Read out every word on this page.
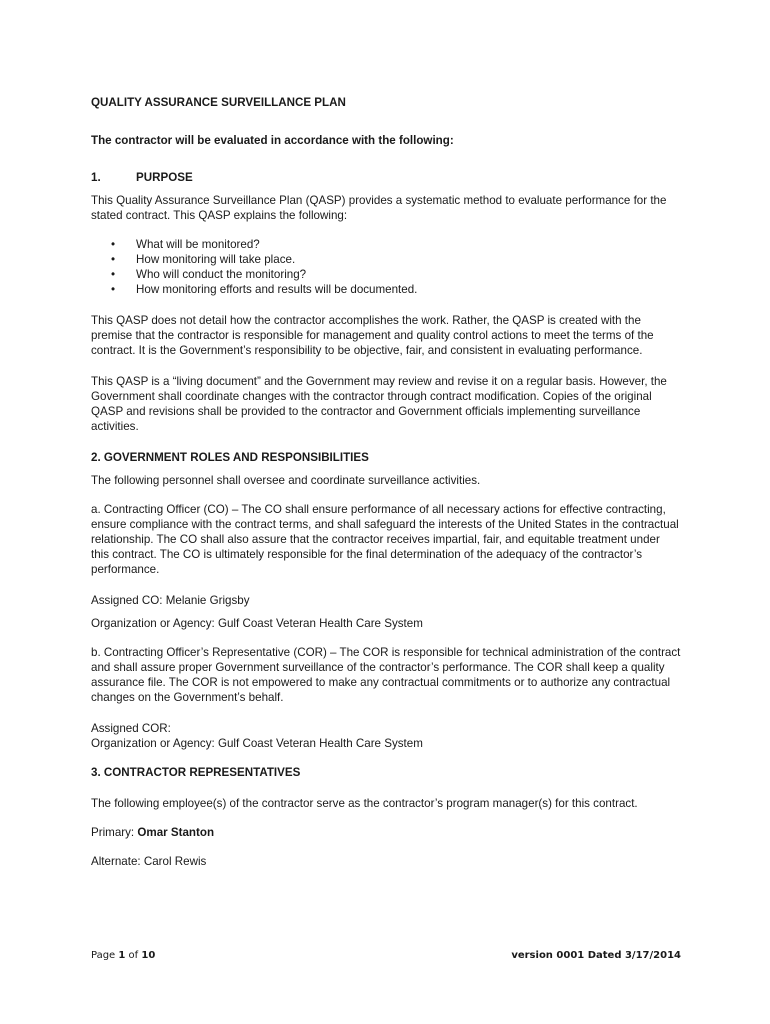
QUALITY ASSURANCE SURVEILLANCE PLAN

The contractor will be evaluated in accordance with the following:

1.	PURPOSE

This Quality Assurance Surveillance Plan (QASP) provides a systematic method to evaluate performance for the stated contract. This QASP explains the following:

•	What will be monitored?
•	How monitoring will take place.
•	Who will conduct the monitoring?
•	How monitoring efforts and results will be documented.

This QASP does not detail how the contractor accomplishes the work. Rather, the QASP is created with the premise that the contractor is responsible for management and quality control actions to meet the terms of the contract. It is the Government’s responsibility to be objective, fair, and consistent in evaluating performance.

This QASP is a “living document” and the Government may review and revise it on a regular basis. However, the Government shall coordinate changes with the contractor through contract modification. Copies of the original QASP and revisions shall be provided to the contractor and Government officials implementing surveillance activities.

2. GOVERNMENT ROLES AND RESPONSIBILITIES

The following personnel shall oversee and coordinate surveillance activities.

a. Contracting Officer (CO) – The CO shall ensure performance of all necessary actions for effective contracting, ensure compliance with the contract terms, and shall safeguard the interests of the United States in the contractual relationship. The CO shall also assure that the contractor receives impartial, fair, and equitable treatment under this contract. The CO is ultimately responsible for the final determination of the adequacy of the contractor’s performance.

Assigned CO: Melanie Grigsby

Organization or Agency: Gulf Coast Veteran Health Care System

b. Contracting Officer’s Representative (COR) – The COR is responsible for technical administration of the contract and shall assure proper Government surveillance of the contractor’s performance. The COR shall keep a quality assurance file. The COR is not empowered to make any contractual commitments or to authorize any contractual changes on the Government’s behalf.

Assigned COR:

Organization or Agency: Gulf Coast Veteran Health Care System

3. CONTRACTOR REPRESENTATIVES

The following employee(s) of the contractor serve as the contractor’s program manager(s) for this contract.

Primary: Omar Stanton

Alternate: Carol Rewis

Page 1 of 10	version 0001 Dated 3/17/2014
